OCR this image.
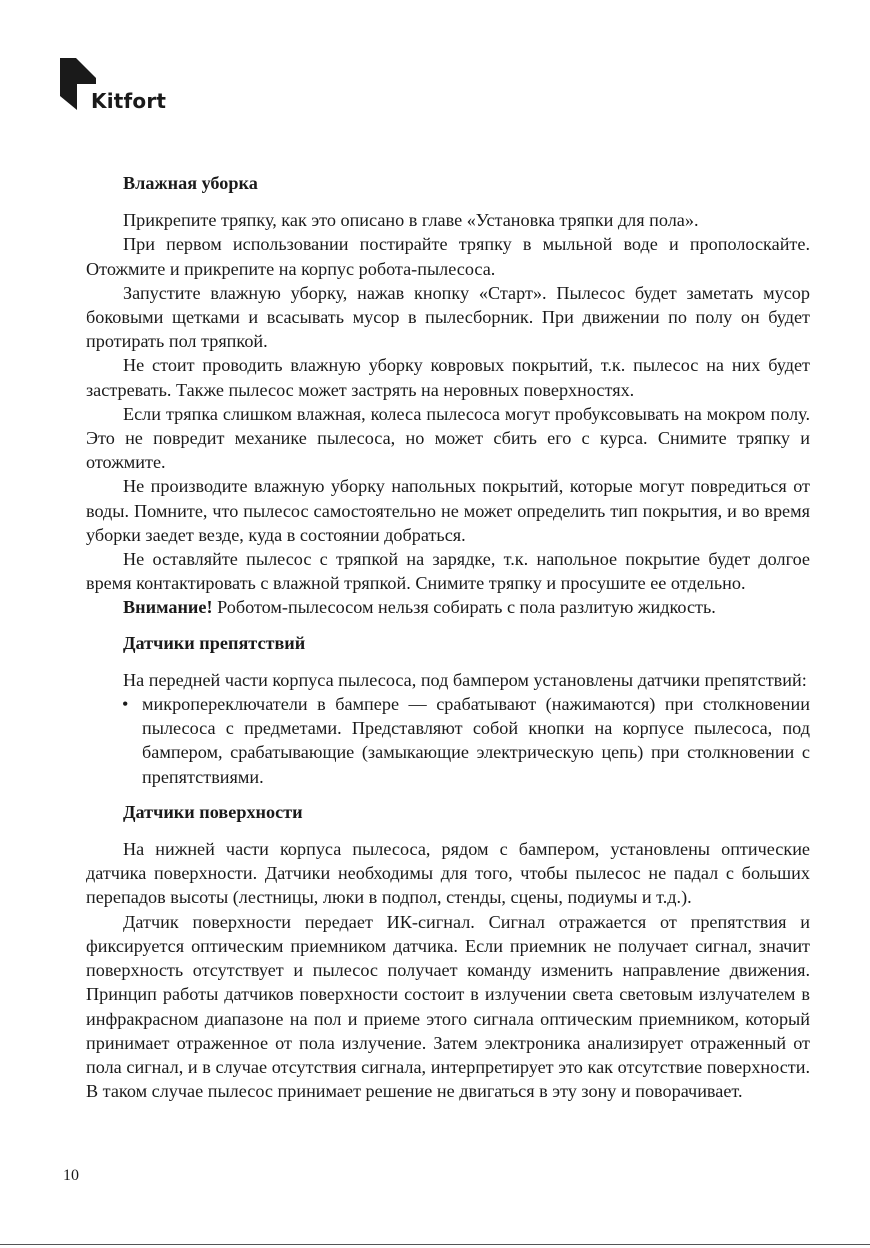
Kitfort
Влажная уборка

Прикрепите тряпку, как это описано в главе «Установка тряпки для пола».

При первом использовании постирайте тряпку в мыльной воде и прополоскайте. Отожмите и прикрепите на корпус робота-пылесоса.

Запустите влажную уборку, нажав кнопку «Старт». Пылесос будет заметать мусор боковыми щетками и всасывать мусор в пылесборник. При движении по полу он будет протирать пол тряпкой.

Не стоит проводить влажную уборку ковровых покрытий, т.к. пылесос на них будет застревать. Также пылесос может застрять на неровных поверхностях.

Если тряпка слишком влажная, колеса пылесоса могут пробуксовывать на мокром полу. Это не повредит механике пылесоса, но может сбить его с курса. Снимите тряпку и отожмите.

Не производите влажную уборку напольных покрытий, которые могут повредиться от воды. Помните, что пылесос самостоятельно не может определить тип покрытия, и во время уборки заедет везде, куда в состоянии добраться.

Не оставляйте пылесос с тряпкой на зарядке, т.к. напольное покрытие будет долгое время контактировать с влажной тряпкой. Снимите тряпку и просушите ее отдельно.

Внимание! Роботом-пылесосом нельзя собирать с пола разлитую жидкость.

Датчики препятствий

На передней части корпуса пылесоса, под бампером установлены датчики препятствий:

• микропереключатели в бампере — срабатывают (нажимаются) при столкновении пылесоса с предметами. Представляют собой кнопки на корпусе пылесоса, под бампером, срабатывающие (замыкающие электрическую цепь) при столкновении с препятствиями.
Датчики поверхности

На нижней части корпуса пылесоса, рядом с бампером, установлены оптические датчика поверхности. Датчики необходимы для того, чтобы пылесос не падал с больших перепадов высоты (лестницы, люки в подпол, стенды, сцены, подиумы и т.д.).

Датчик поверхности передает ИК-сигнал. Сигнал отражается от препятствия и фиксируется оптическим приемником датчика. Если приемник не получает сигнал, значит поверхность отсутствует и пылесос получает команду изменить направление движения. Принцип работы датчиков поверхности состоит в излучении света световым излучателем в инфракрасном диапазоне на пол и приеме этого сигнала оптическим приемником, который принимает отраженное от пола излучение. Затем электроника анализирует отраженный от пола сигнал, и в случае отсутствия сигнала, интерпретирует это как отсутствие поверхности. В таком случае пылесос принимает решение не двигаться в эту зону и поворачивает.

10
